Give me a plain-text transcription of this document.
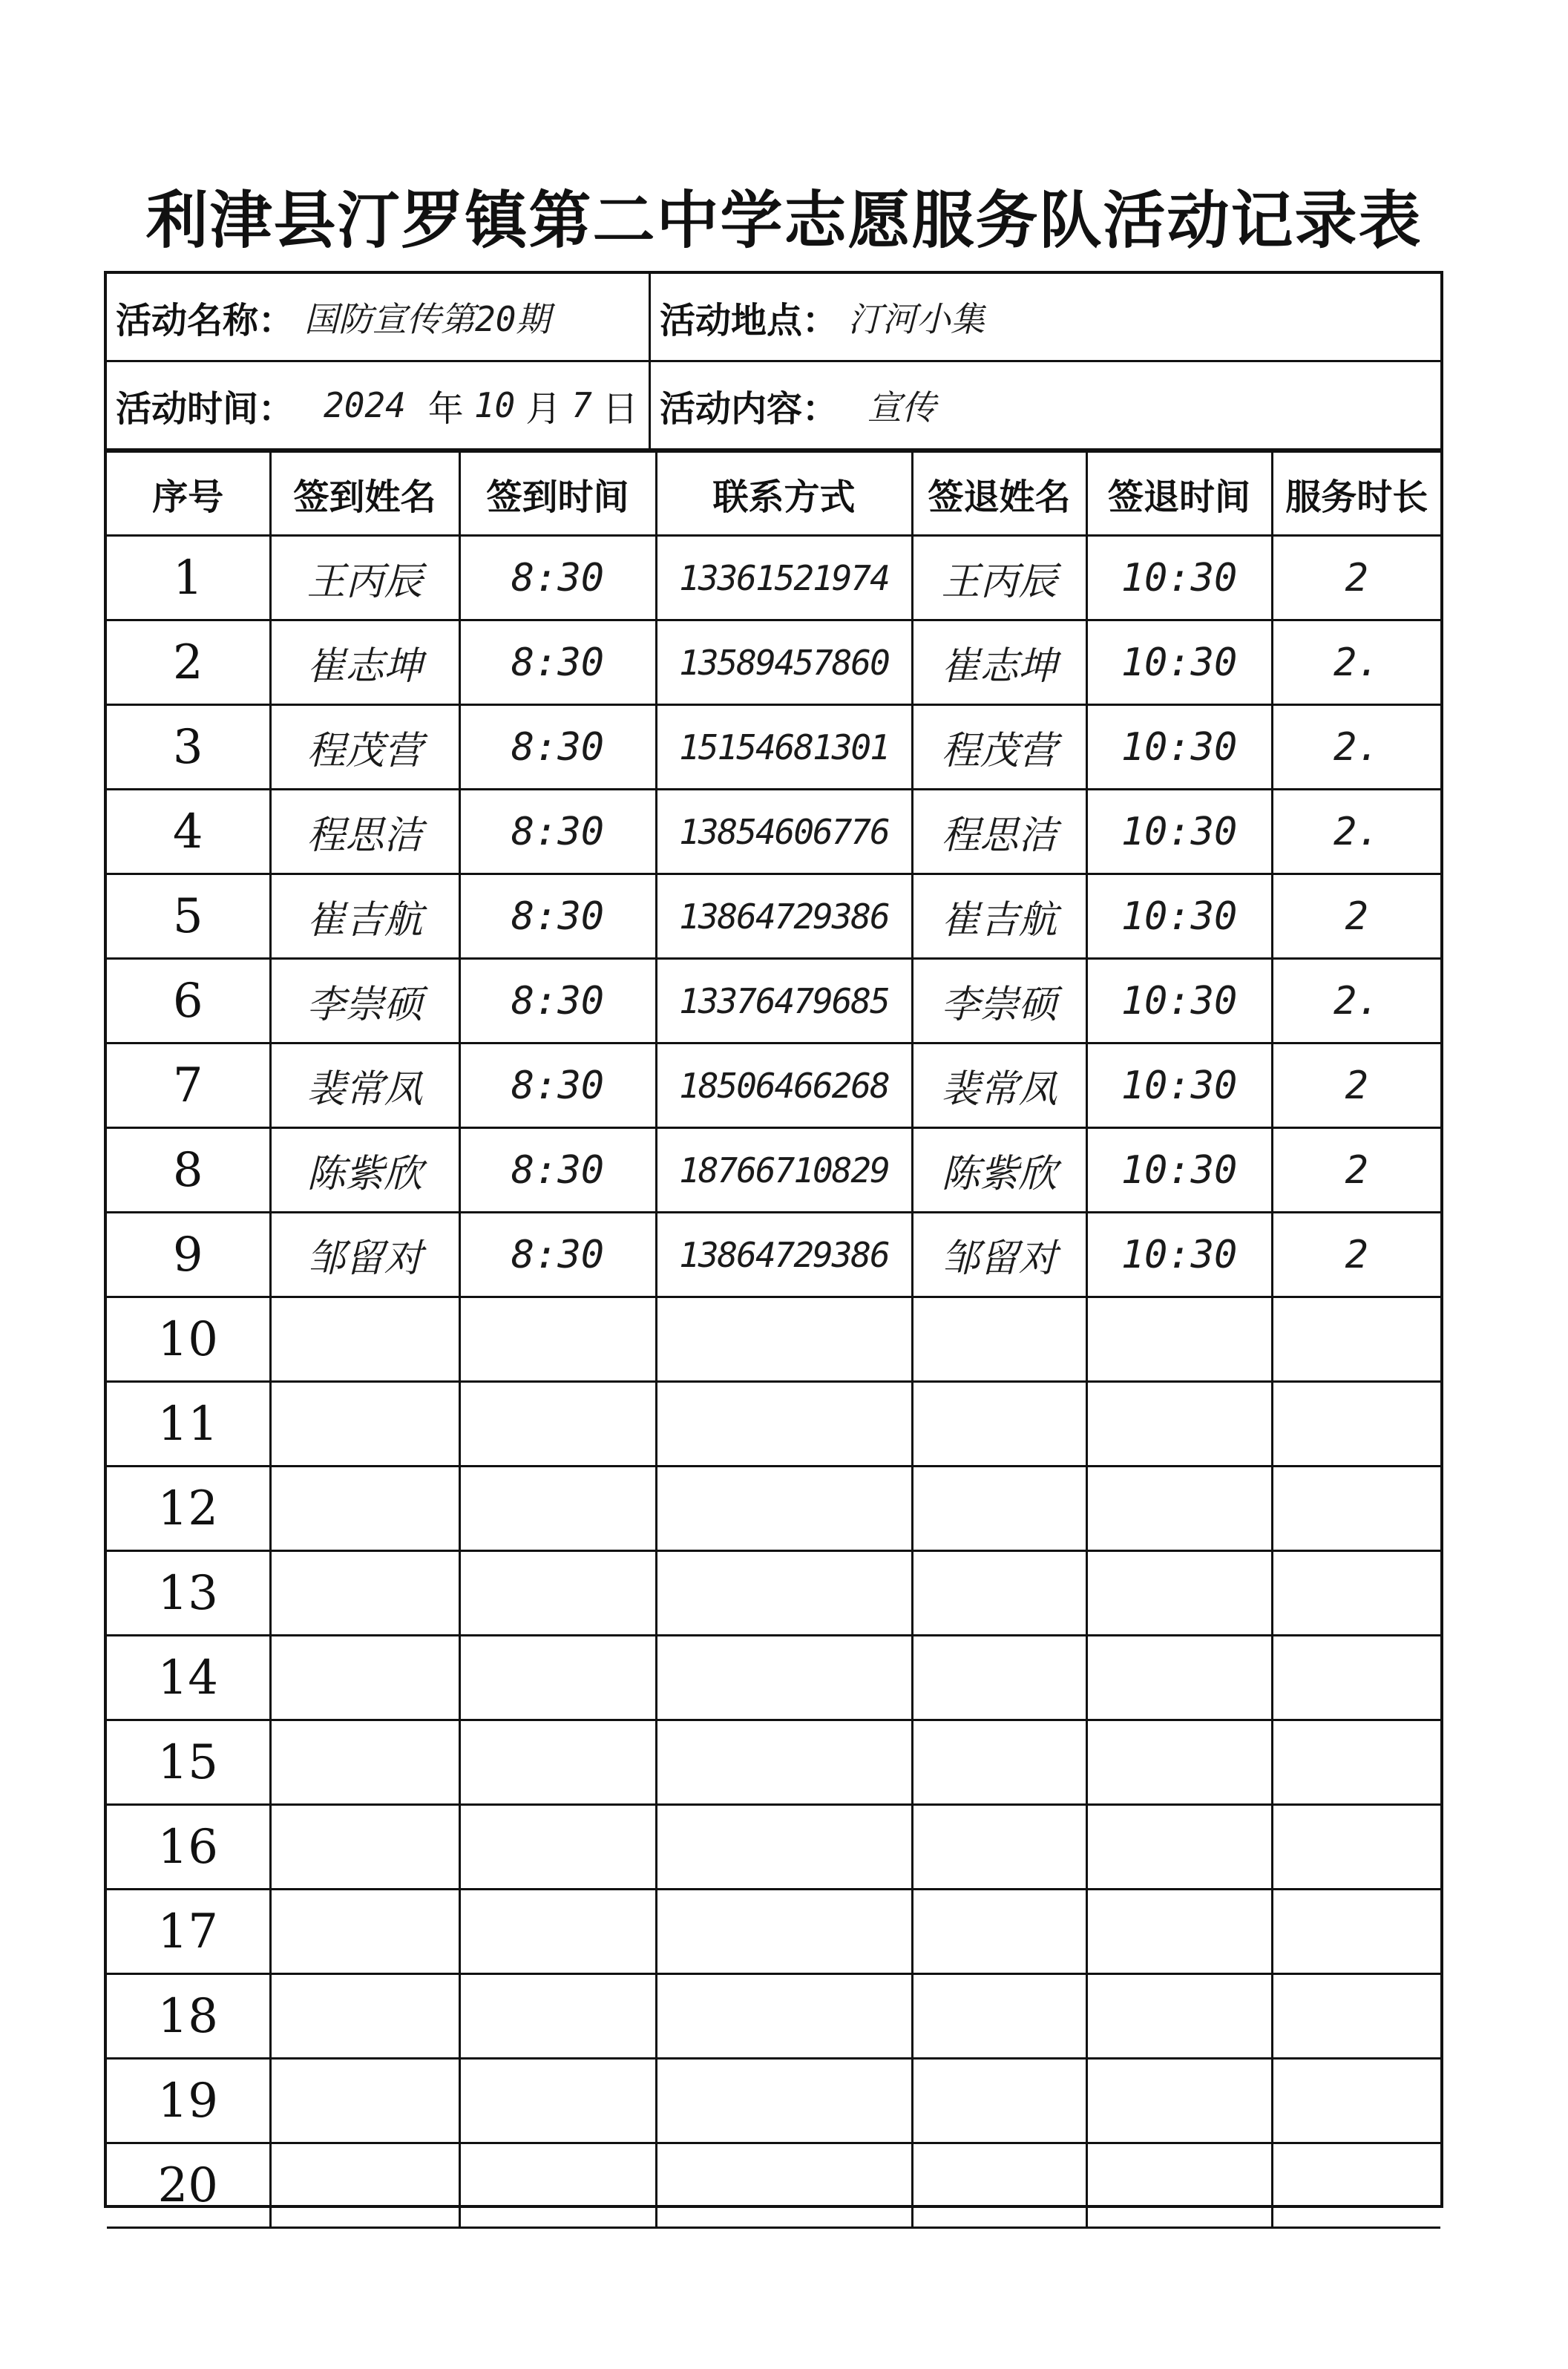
利津县汀罗镇第二中学志愿服务队活动记录表
活动名称： 国防宣传第20期	活动地点： 汀河小集
活动时间： 2024 年 10 月 7 日 活动内容： 宣传
序号	签到姓名	签到时间	联系方式	签退姓名	签退时间	服务时长
1	王丙辰	8:30	13361521974	王丙辰	10:30	2
2	崔志坤	8:30	13589457860	崔志坤	10:30	2.
3	程茂营	8:30	15154681301	程茂营	10:30	2.
4	程思洁	8:30	13854606776	程思洁	10:30	2.
5	崔吉航	8:30	13864729386	崔吉航	10:30	2
6	李崇硕	8:30	13376479685	李崇硕	10:30	2.
7	裴常凤	8:30	18506466268	裴常凤	10:30	2
8	陈紫欣	8:30	18766710829	陈紫欣	10:30	2
9	邹留对	8:30	13864729386	邹留对	10:30	2
10						
11						
12						
13						
14						
15						
16						
17						
18						
19						
20						
